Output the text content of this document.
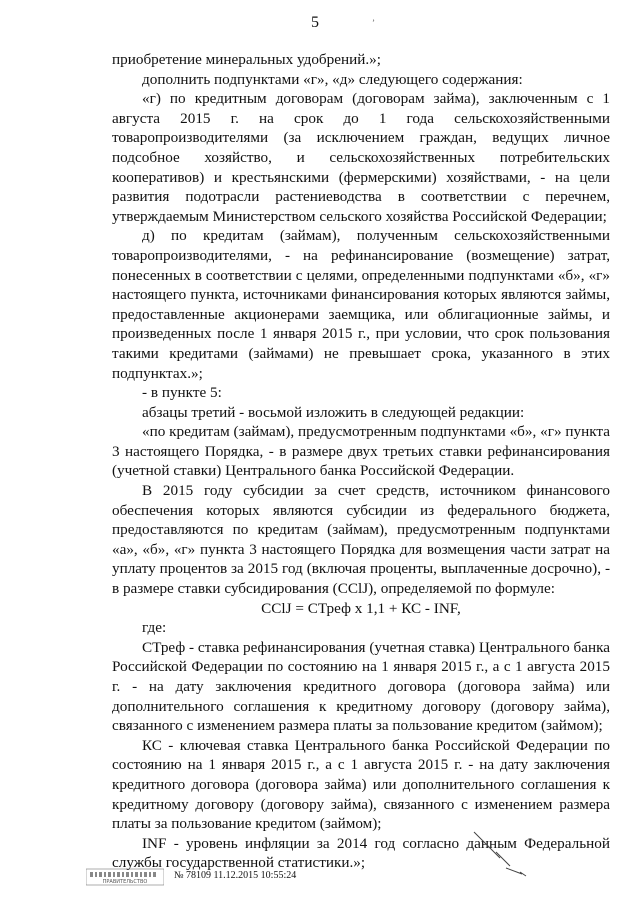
5	ʼ

приобретение минеральных удобрений.»;

дополнить подпунктами «г», «д» следующего содержания:

«г) по кредитным договорам (договорам займа), заключенным с 1 августа 2015 г. на срок до 1 года сельскохозяйственными товаропроизводителями (за исключением граждан, ведущих личное подсобное хозяйство, и сельскохозяйственных потребительских кооперативов) и крестьянскими (фермерскими) хозяйствами, - на цели развития подотрасли растениеводства в соответствии с перечнем, утверждаемым Министерством сельского хозяйства Российской Федерации;

д) по кредитам (займам), полученным сельскохозяйственными товаропроизводителями, - на рефинансирование (возмещение) затрат, понесенных в соответствии с целями, определенными подпунктами «б», «г» настоящего пункта, источниками финансирования которых являются займы, предоставленные акционерами заемщика, или облигационные займы, и произведенных после 1 января 2015 г., при условии, что срок пользования такими кредитами (займами) не превышает срока, указанного в этих подпунктах.»;

- в пункте 5:

абзацы третий - восьмой изложить в следующей редакции:

«по кредитам (займам), предусмотренным подпунктами «б», «г» пункта 3 настоящего Порядка, - в размере двух третьих ставки рефинансирования (учетной ставки) Центрального банка Российской Федерации.

В 2015 году субсидии за счет средств, источником финансового обеспечения которых являются субсидии из федерального бюджета, предоставляются по кредитам (займам), предусмотренным подпунктами «а», «б», «г» пункта 3 настоящего Порядка для возмещения части затрат на уплату процентов за 2015 год (включая проценты, выплаченные досрочно), - в размере ставки субсидирования (ССlJ), определяемой по формуле:

ССlJ = СТреф x 1,1 + КС - INF,

где:

СТреф - ставка рефинансирования (учетная ставка) Центрального банка Российской Федерации по состоянию на 1 января 2015 г., а с 1 августа 2015 г. - на дату заключения кредитного договора (договора займа) или дополнительного соглашения к кредитному договору (договору займа), связанного с изменением размера платы за пользование кредитом (займом);

КС - ключевая ставка Центрального банка Российской Федерации по состоянию на 1 января 2015 г., а с 1 августа 2015 г. - на дату заключения кредитного договора (договора займа) или дополнительного соглашения к кредитному договору (договору займа), связанного с изменением размера платы за пользование кредитом (займом);

INF - уровень инфляции за 2014 год согласно данным Федеральной службы государственной статистики.»;

ПРАВИТЕЛЬСТВО
№ 78109 11.12.2015 10:55:24
